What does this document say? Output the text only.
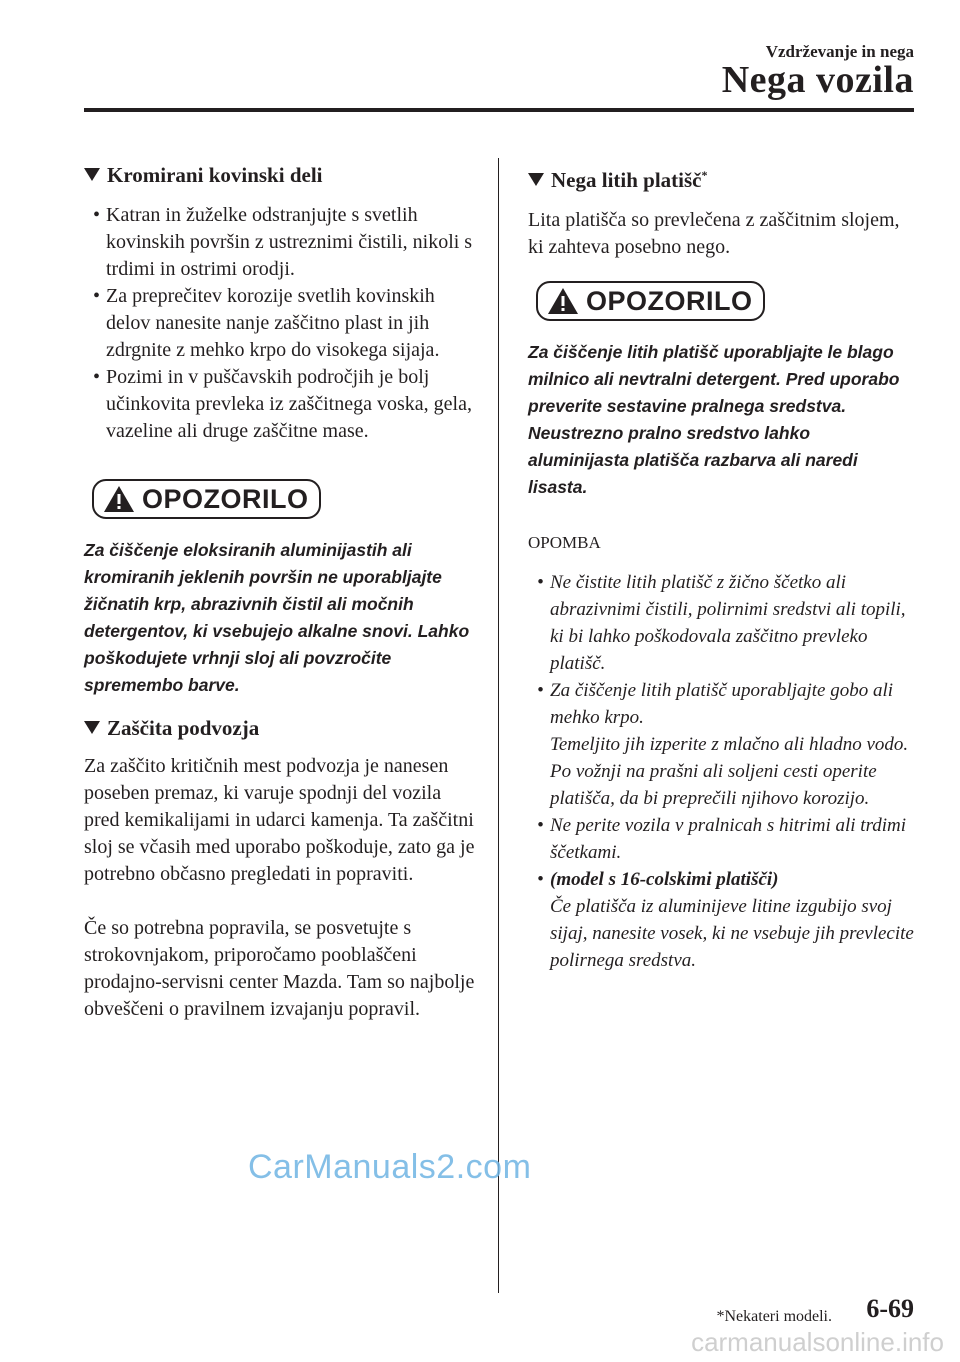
Vzdrževanje in nega
Nega vozila
Kromirani kovinski deli
• Katran in žuželke odstranjujte s svetlih kovinskih površin z ustreznimi čistili, nikoli s trdimi in ostrimi orodji.
• Za preprečitev korozije svetlih kovinskih delov nanesite nanje zaščitno plast in jih zdrgnite z mehko krpo do visokega sijaja.
• Pozimi in v puščavskih področjih je bolj učinkovita prevleka iz zaščitnega voska, gela, vazeline ali druge zaščitne mase.
OPOZORILO

Za čiščenje eloksiranih aluminijastih ali kromiranih jeklenih površin ne uporabljajte žičnatih krp, abrazivnih čistil ali močnih detergentov, ki vsebujejo alkalne snovi. Lahko poškodujete vrhnji sloj ali povzročite spremembo barve.

Zaščita podvozja

Za zaščito kritičnih mest podvozja je nanesen poseben premaz, ki varuje spodnji del vozila pred kemikalijami in udarci kamenja. Ta zaščitni sloj se včasih med uporabo poškoduje, zato ga je potrebno občasno pregledati in popraviti.

Če so potrebna popravila, se posvetujte s strokovnjakom, priporočamo pooblaščeni prodajno-servisni center Mazda. Tam so najbolje obveščeni o pravilnem izvajanju popravil.

Nega litih platišč*

Lita platišča so prevlečena z zaščitnim slojem, ki zahteva posebno nego.

OPOZORILO

Za čiščenje litih platišč uporabljajte le blago milnico ali nevtralni detergent. Pred uporabo preverite sestavine pralnega sredstva. Neustrezno pralno sredstvo lahko aluminijasta platišča razbarva ali naredi lisasta.

OPOMBA
• Ne čistite litih platišč z žično ščetko ali abrazivnimi čistili, polirnimi sredstvi ali topili, ki bi lahko poškodovala zaščitno prevleko platišč.
• Za čiščenje litih platišč uporabljajte gobo ali mehko krpo.
Temeljito jih izperite z mlačno ali hladno vodo. Po vožnji na prašni ali soljeni cesti operite platišča, da bi preprečili njihovo korozijo.
• Ne perite vozila v pralnicah s hitrimi ali trdimi ščetkami.
• (model s 16-colskimi platišči)
Če platišča iz aluminijeve litine izgubijo svoj sijaj, nanesite vosek, ki ne vsebuje jih prevlecite polirnega sredstva.
CarManuals2.com
*Nekateri modeli. 6-69
carmanualsonline.info
